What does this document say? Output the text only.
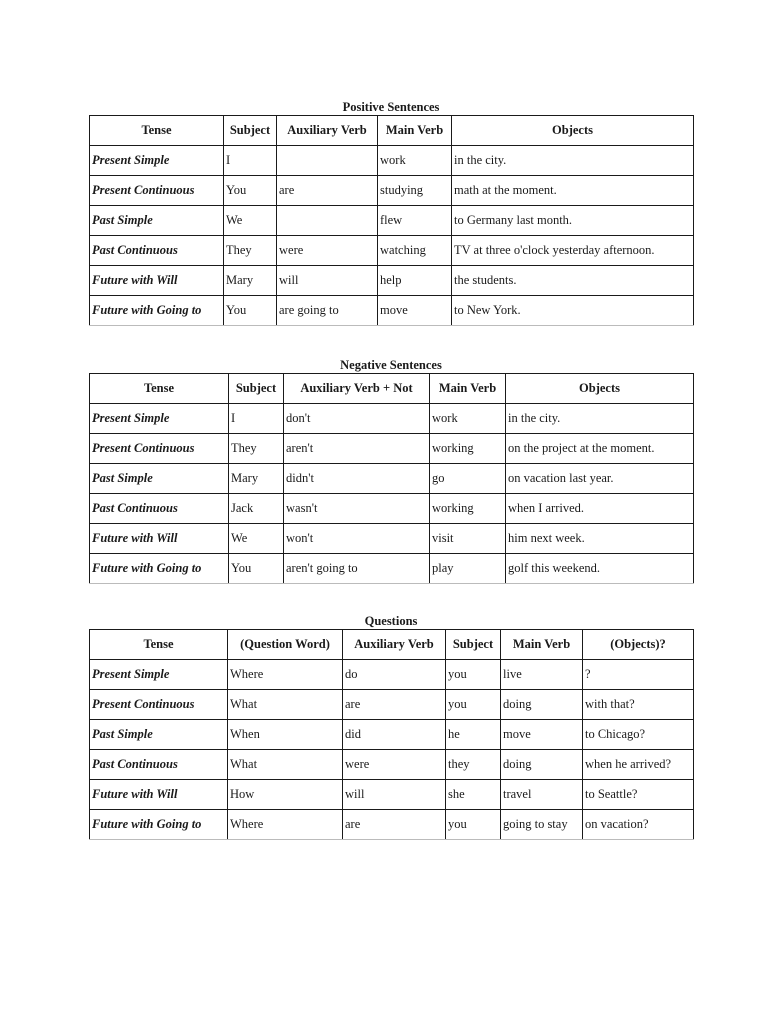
Positive Sentences
Tense	Subject	Auxiliary Verb	Main Verb	Objects
Present Simple	I		work	in the city.
Present Continuous	You	are	studying	math at the moment.
Past Simple	We		flew	to Germany last month.
Past Continuous	They	were	watching	TV at three o'clock yesterday afternoon.
Future with Will	Mary	will	help	the students.
Future with Going to	You	are going to	move	to New York.
Negative Sentences
Tense	Subject	Auxiliary Verb + Not	Main Verb	Objects
Present Simple	I	don't	work	in the city.
Present Continuous	They	aren't	working	on the project at the moment.
Past Simple	Mary	didn't	go	on vacation last year.
Past Continuous	Jack	wasn't	working	when I arrived.
Future with Will	We	won't	visit	him next week.
Future with Going to	You	aren't going to	play	golf this weekend.
Questions
Tense	(Question Word)	Auxiliary Verb	Subject	Main Verb	(Objects)?
Present Simple	Where	do	you	live	?
Present Continuous	What	are	you	doing	with that?
Past Simple	When	did	he	move	to Chicago?
Past Continuous	What	were	they	doing	when he arrived?
Future with Will	How	will	she	travel	to Seattle?
Future with Going to	Where	are	you	going to stay	on vacation?
